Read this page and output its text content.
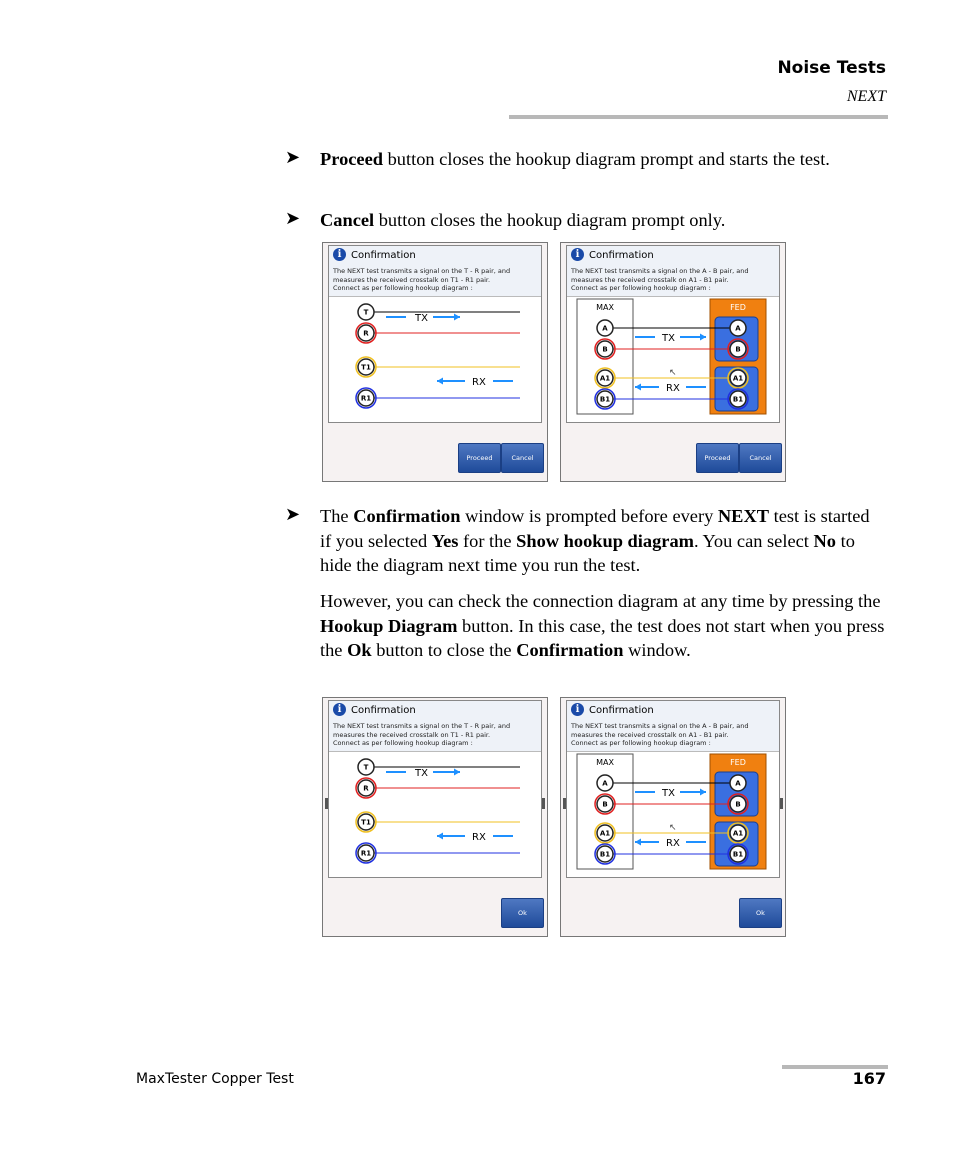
Noise Tests
NEXT
➤ Proceed button closes the hookup diagram prompt and starts the test.
➤ Cancel button closes the hookup diagram prompt only.
i Confirmation
The NEXT test transmits a signal on the T - R pair, and measures the received crosstalk on T1 - R1 pair.
Connect as per following hookup diagram :
T
R
T1
R1
TX
RX
Proceed	Cancel
i Confirmation
The NEXT test transmits a signal on the A - B pair, and measures the received crosstalk on A1 - B1 pair.
Connect as per following hookup diagram :
MAX	FED
A	A
B	B
A1	A1
B1	B1
TX
RX
↖
Proceed	Cancel
➤ The Confirmation window is prompted before every NEXT test is started if you selected Yes for the Show hookup diagram. You can select No to hide the diagram next time you run the test.
However, you can check the connection diagram at any time by pressing the Hookup Diagram button. In this case, the test does not start when you press the Ok button to close the Confirmation window.
i Confirmation
The NEXT test transmits a signal on the T - R pair, and measures the received crosstalk on T1 - R1 pair.
Connect as per following hookup diagram :
T
R
T1
R1
TX
RX
Ok
i Confirmation
The NEXT test transmits a signal on the A - B pair, and measures the received crosstalk on A1 - B1 pair.
Connect as per following hookup diagram :
MAX	FED
A	A
B	B
A1	A1
B1	B1
TX
RX
↖
Ok
MaxTester Copper Test	167
